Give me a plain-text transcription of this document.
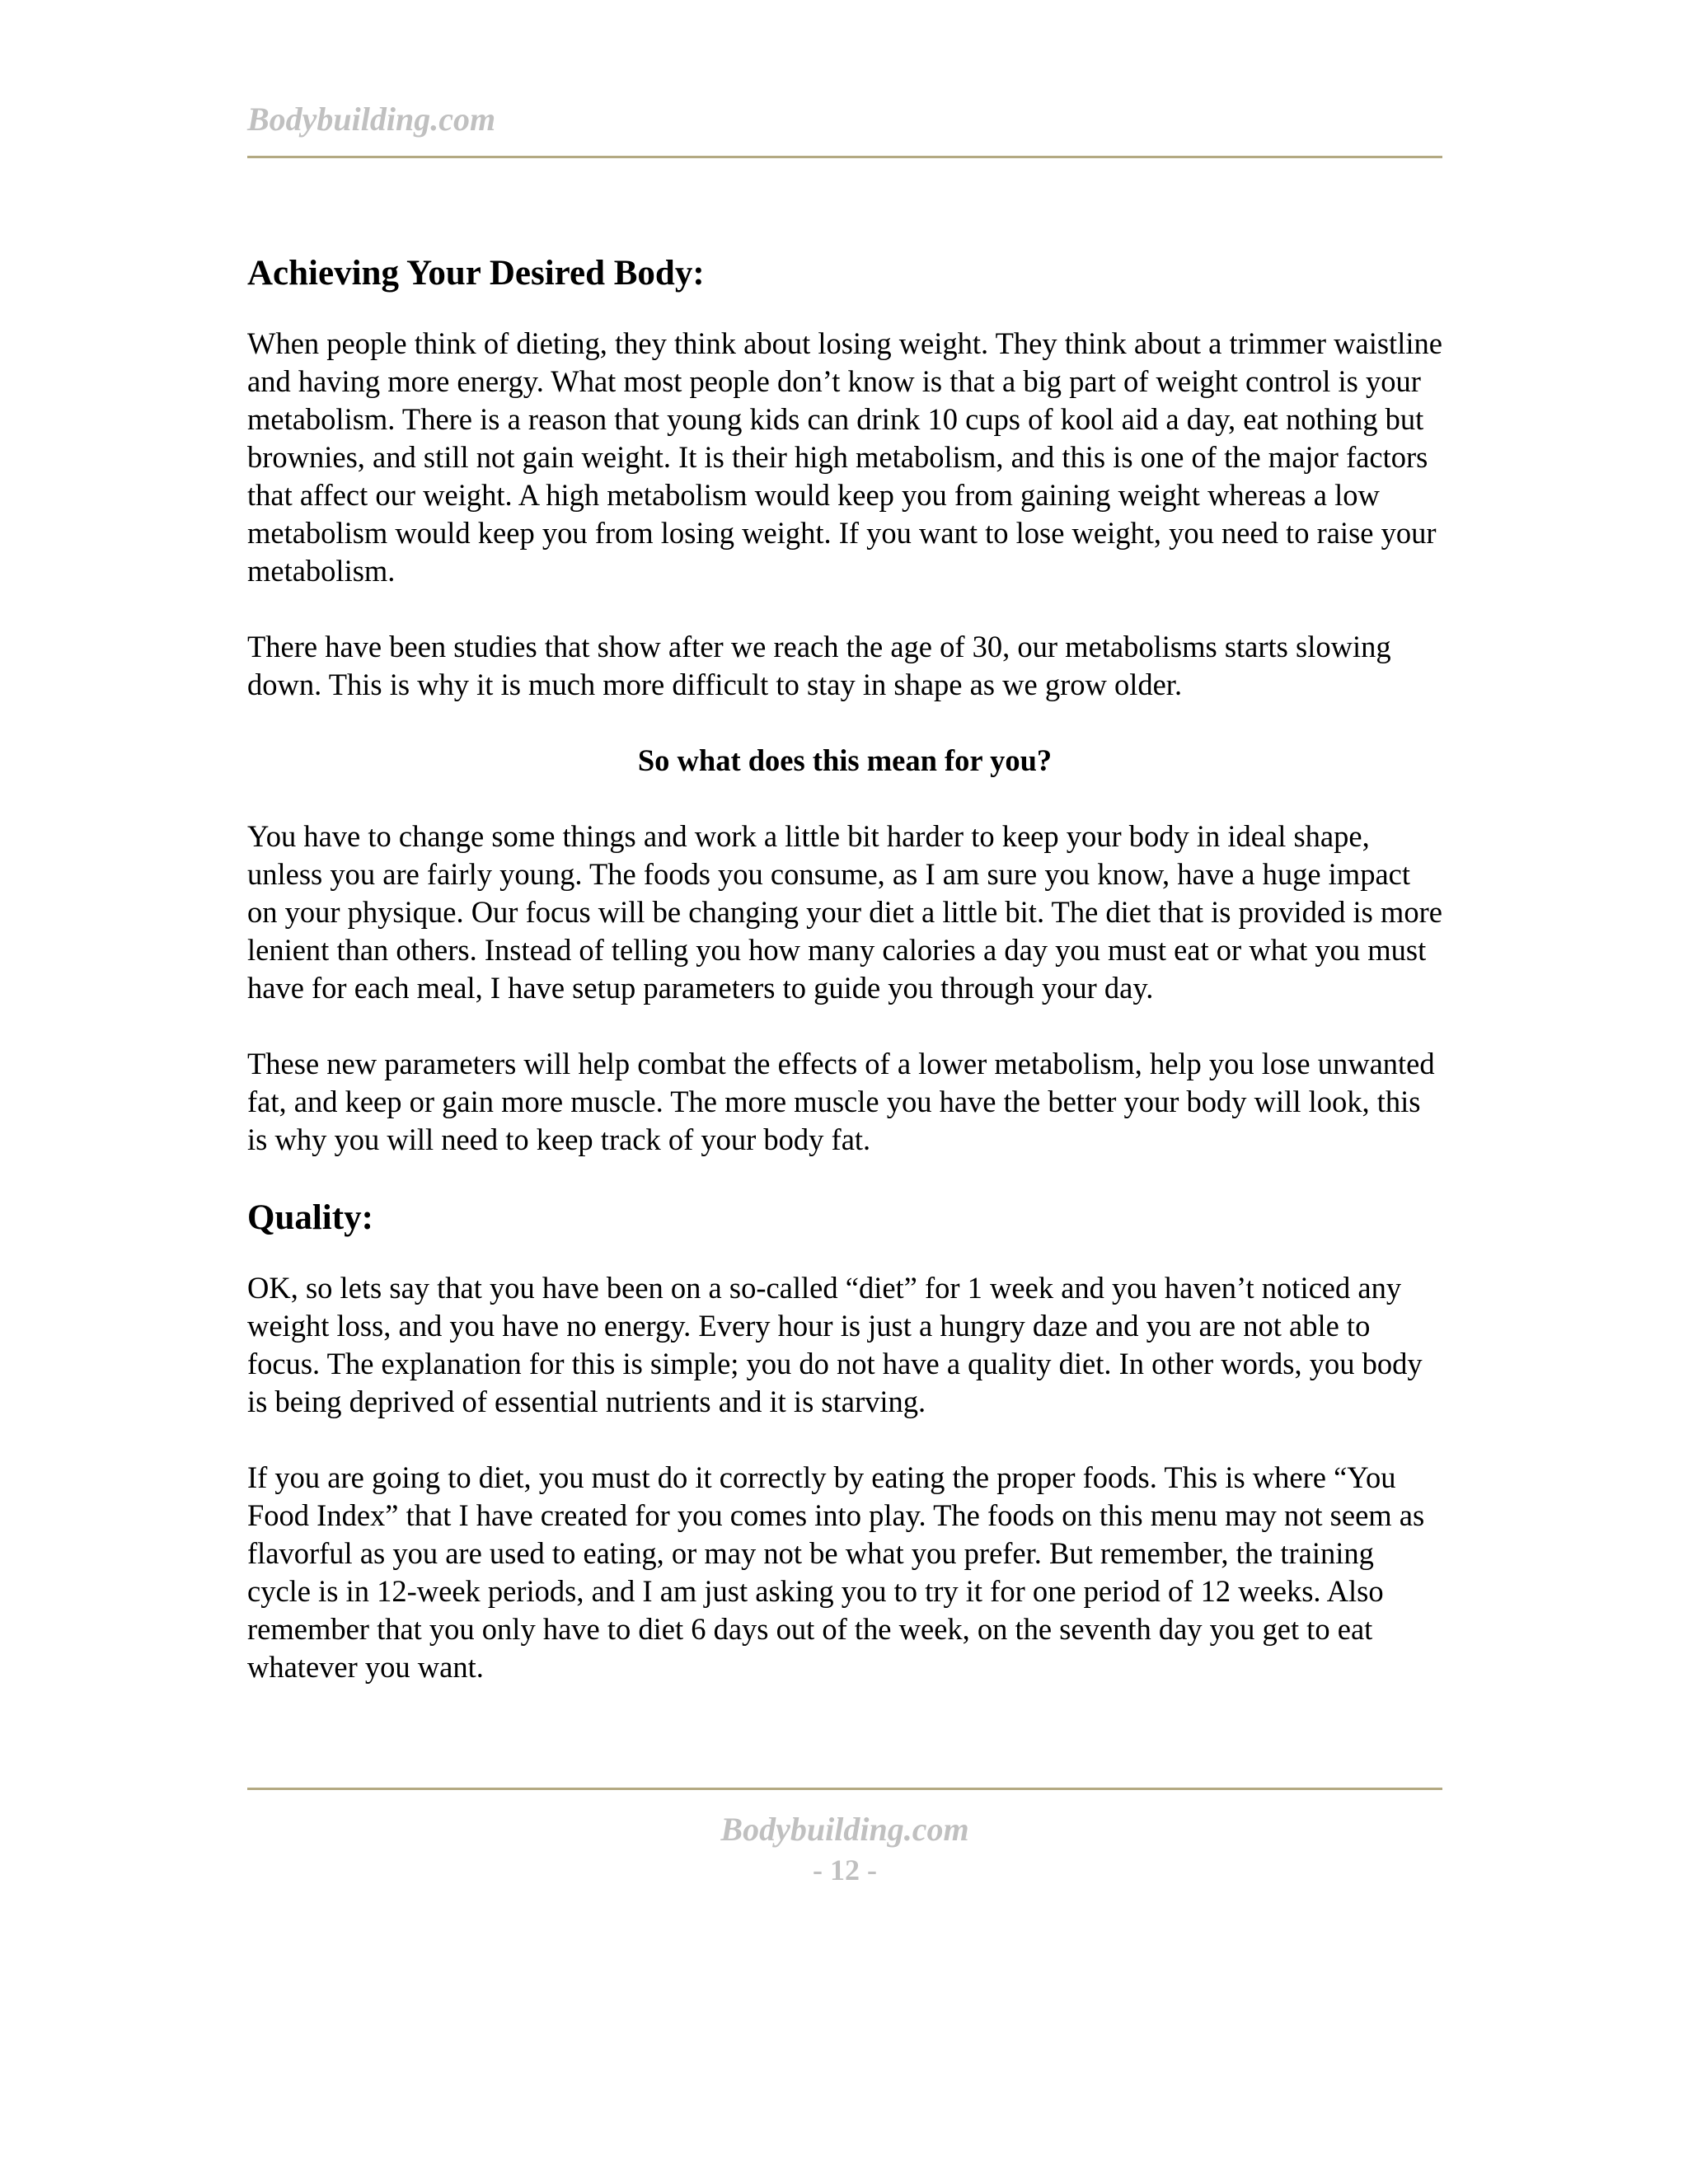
Bodybuilding.com
Achieving Your Desired Body:

When people think of dieting, they think about losing weight. They think about a trimmer waistline and having more energy. What most people don’t know is that a big part of weight control is your metabolism. There is a reason that young kids can drink 10 cups of kool aid a day, eat nothing but brownies, and still not gain weight. It is their high metabolism, and this is one of the major factors that affect our weight. A high metabolism would keep you from gaining weight whereas a low metabolism would keep you from losing weight. If you want to lose weight, you need to raise your metabolism.

There have been studies that show after we reach the age of 30, our metabolisms starts slowing down. This is why it is much more difficult to stay in shape as we grow older.

So what does this mean for you?

You have to change some things and work a little bit harder to keep your body in ideal shape, unless you are fairly young. The foods you consume, as I am sure you know, have a huge impact on your physique. Our focus will be changing your diet a little bit. The diet that is provided is more lenient than others. Instead of telling you how many calories a day you must eat or what you must have for each meal, I have setup parameters to guide you through your day.

These new parameters will help combat the effects of a lower metabolism, help you lose unwanted fat, and keep or gain more muscle. The more muscle you have the better your body will look, this is why you will need to keep track of your body fat.

Quality:

OK, so lets say that you have been on a so-called “diet” for 1 week and you haven’t noticed any weight loss, and you have no energy. Every hour is just a hungry daze and you are not able to focus. The explanation for this is simple; you do not have a quality diet. In other words, you body is being deprived of essential nutrients and it is starving.

If you are going to diet, you must do it correctly by eating the proper foods. This is where “You Food Index” that I have created for you comes into play. The foods on this menu may not seem as flavorful as you are used to eating, or may not be what you prefer. But remember, the training cycle is in 12-week periods, and I am just asking you to try it for one period of 12 weeks. Also remember that you only have to diet 6 days out of the week, on the seventh day you get to eat whatever you want.

Bodybuilding.com
- 12 -
